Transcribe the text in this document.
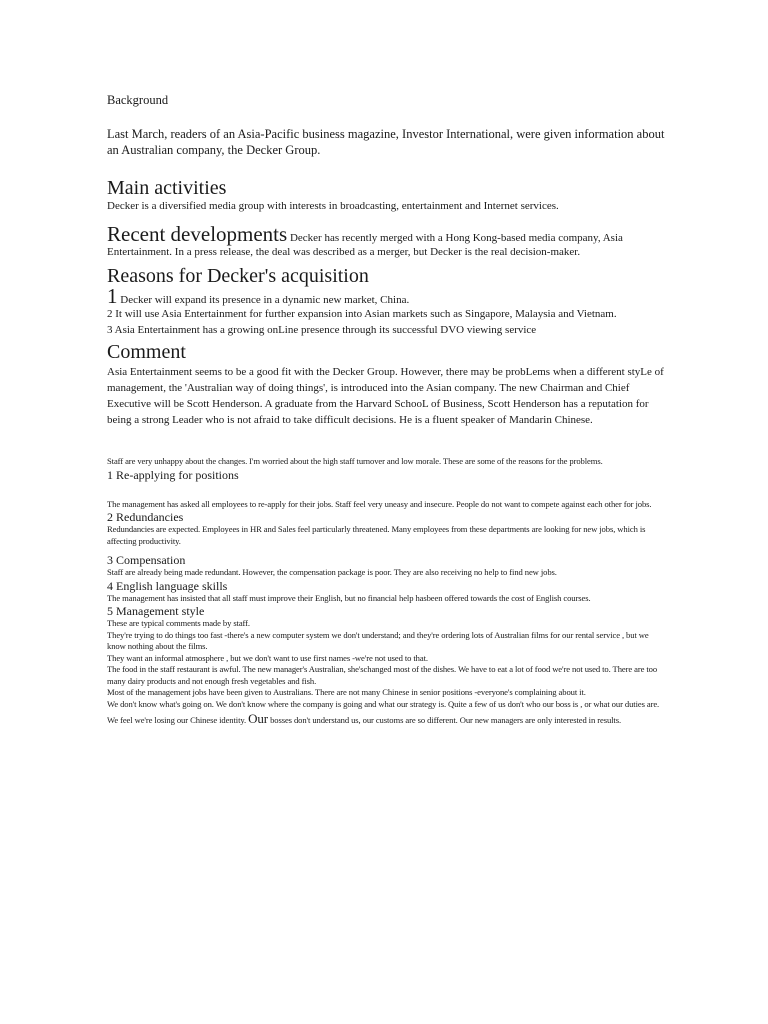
Background

Last March, readers of an Asia-Pacific business magazine, Investor International, were given information about an Australian company, the Decker Group.

Main activities

Decker is a diversified media group with interests in broadcasting, entertainment and Internet services.

Recent developments Decker has recently merged with a Hong Kong-based media company, Asia Entertainment. In a press release, the deal was described as a merger, but Decker is the real decision-maker.

Reasons for Decker's acquisition

1 Decker will expand its presence in a dynamic new market, China.

2 It will use Asia Entertainment for further expansion into Asian markets such as Singapore, Malaysia and Vietnam.

3 Asia Entertainment has a growing onLine presence through its successful DVO viewing service

Comment

Asia Entertainment seems to be a good fit with the Decker Group. However, there may be probLems when a different styLe of management, the 'Australian way of doing things', is introduced into the Asian company. The new Chairman and Chief Executive will be Scott Henderson. A graduate from the Harvard SchooL of Business, Scott Henderson has a reputation for being a strong Leader who is not afraid to take difficult decisions. He is a fluent speaker of Mandarin Chinese.

Staff are very unhappy about the changes. I'm worried about the high staff turnover and low morale. These are some of the reasons for the problems.

1 Re-applying for positions

The management has asked all employees to re-apply for their jobs. Staff feel very uneasy and insecure. People do not want to compete against each other for jobs.

2 Redundancies

Redundancies are expected. Employees in HR and Sales feel particularly threatened. Many employees from these departments are looking for new jobs, which is affecting productivity.

3 Compensation

Staff are already being made redundant. However, the compensation package is poor. They are also receiving no help to find new jobs.

4 English language skills

The management has insisted that all staff must improve their English, but no financial help hasbeen offered towards the cost of English courses.

5 Management style

These are typical comments made by staff.

They're trying to do things too fast -there's a new computer system we don't understand; and they're ordering lots of Australian films for our rental service , but we know nothing about the films.

They want an informal atmosphere , but we don't want to use first names -we're not used to that.

The food in the staff restaurant is awful. The new manager's Australian, she'schanged most of the dishes. We have to eat a lot of food we're not used to. There are too many dairy products and not enough fresh vegetables and fish.

Most of the management jobs have been given to Australians. There are not many Chinese in senior positions -everyone's complaining about it.

We don't know what's going on. We don't know where the company is going and what our strategy is. Quite a few of us don't who our boss is , or what our duties are.

We feel we're losing our Chinese identity. Our bosses don't understand us, our customs are so different. Our new managers are only interested in results.
